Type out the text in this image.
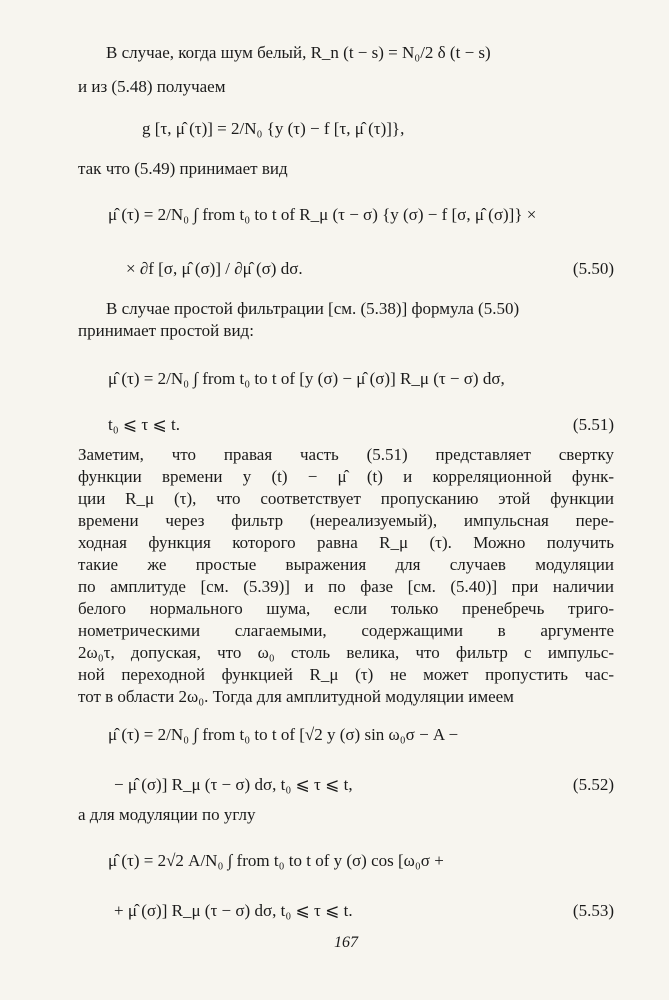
В случае, когда шум белый, R_n (t − s) = N₀/2 δ (t − s)
и из (5.48) получаем
g [τ, μ̂ (τ)] = 2/N₀ {y (τ) − f [τ, μ̂ (τ)]},
так что (5.49) принимает вид
μ̂ (τ) = 2/N₀ ∫ from t₀ to t of R_μ (τ − σ) {y (σ) − f [σ, μ̂ (σ)]} ×
× ∂f [σ, μ̂ (σ)] / ∂μ̂ (σ) dσ.	(5.50)
В случае простой фильтрации [см. (5.38)] формула (5.50)
принимает простой вид:
μ̂ (τ) = 2/N₀ ∫ from t₀ to t of [y (σ) − μ̂ (σ)] R_μ (τ − σ) dσ,
t₀ ⩽ τ ⩽ t.	(5.51)
Заметим, что правая часть (5.51) представляет свертку
функции времени y (t) − μ̂ (t) и корреляционной функ-
ции R_μ (τ), что соответствует пропусканию этой функции
времени через фильтр (нереализуемый), импульсная пере-
ходная функция которого равна R_μ (τ). Можно получить
такие же простые выражения для случаев модуляции
по амплитуде [см. (5.39)] и по фазе [см. (5.40)] при наличии
белого нормального шума, если только пренебречь триго-
нометрическими слагаемыми, содержащими в аргументе
2ω₀τ, допуская, что ω₀ столь велика, что фильтр с импульс-
ной переходной функцией R_μ (τ) не может пропустить час-
тот в области 2ω₀. Тогда для амплитудной модуляции имеем
μ̂ (τ) = 2/N₀ ∫ from t₀ to t of [√2 y (σ) sin ω₀σ − A −
− μ̂ (σ)] R_μ (τ − σ) dσ, t₀ ⩽ τ ⩽ t,	(5.52)
а для модуляции по углу
μ̂ (τ) = 2√2 A/N₀ ∫ from t₀ to t of y (σ) cos [ω₀σ +
+ μ̂ (σ)] R_μ (τ − σ) dσ, t₀ ⩽ τ ⩽ t.	(5.53)
167
